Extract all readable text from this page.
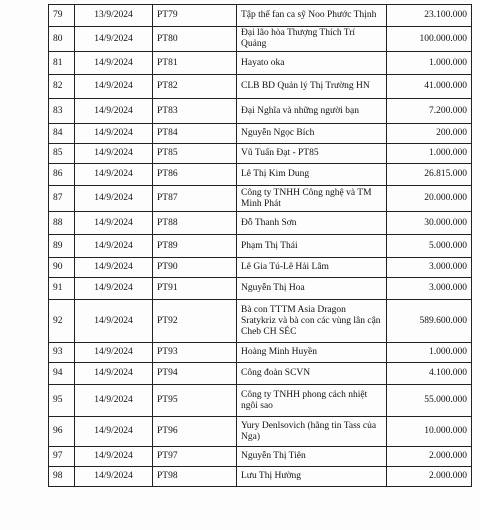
79	13/9/2024	PT79	Tập thể fan ca sỹ Noo Phước Thịnh	23.100.000
80	14/9/2024	PT80	Đại lão hòa Thượng Thích Trí Quảng	100.000.000
81	14/9/2024	PT81	Hayato oka	1.000.000
82	14/9/2024	PT82	CLB BD Quản lý Thị Trường HN	41.000.000
83	14/9/2024	PT83	Đại Nghĩa và những người bạn	7.200.000
84	14/9/2024	PT84	Nguyễn Ngọc Bích	200.000
85	14/9/2024	PT85	Vũ Tuấn Đạt - PT85	1.000.000
86	14/9/2024	PT86	Lê Thị Kim Dung	26.815.000
87	14/9/2024	PT87	Công ty TNHH Công nghệ và TM Minh Phát	20.000.000
88	14/9/2024	PT88	Đỗ Thanh Sơn	30.000.000
89	14/9/2024	PT89	Phạm Thị Thái	5.000.000
90	14/9/2024	PT90	Lê Gia Tú-Lê Hải Lâm	3.000.000
91	14/9/2024	PT91	Nguyễn Thị Hoa	3.000.000
92	14/9/2024	PT92	Bà con TTTM Asia Dragon Sratykriz và bà con các vùng lân cận Cheb CH SÉC	589.600.000
93	14/9/2024	PT93	Hoàng Minh Huyền	1.000.000
94	14/9/2024	PT94	Công đoàn SCVN	4.100.000
95	14/9/2024	PT95	Công ty TNHH phong cách nhiệt ngôi sao	55.000.000
96	14/9/2024	PT96	Yury Denlsovich (hãng tin Tass của Nga)	10.000.000
97	14/9/2024	PT97	Nguyễn Thị Tiên	2.000.000
98	14/9/2024	PT98	Lưu Thị Hường	2.000.000
